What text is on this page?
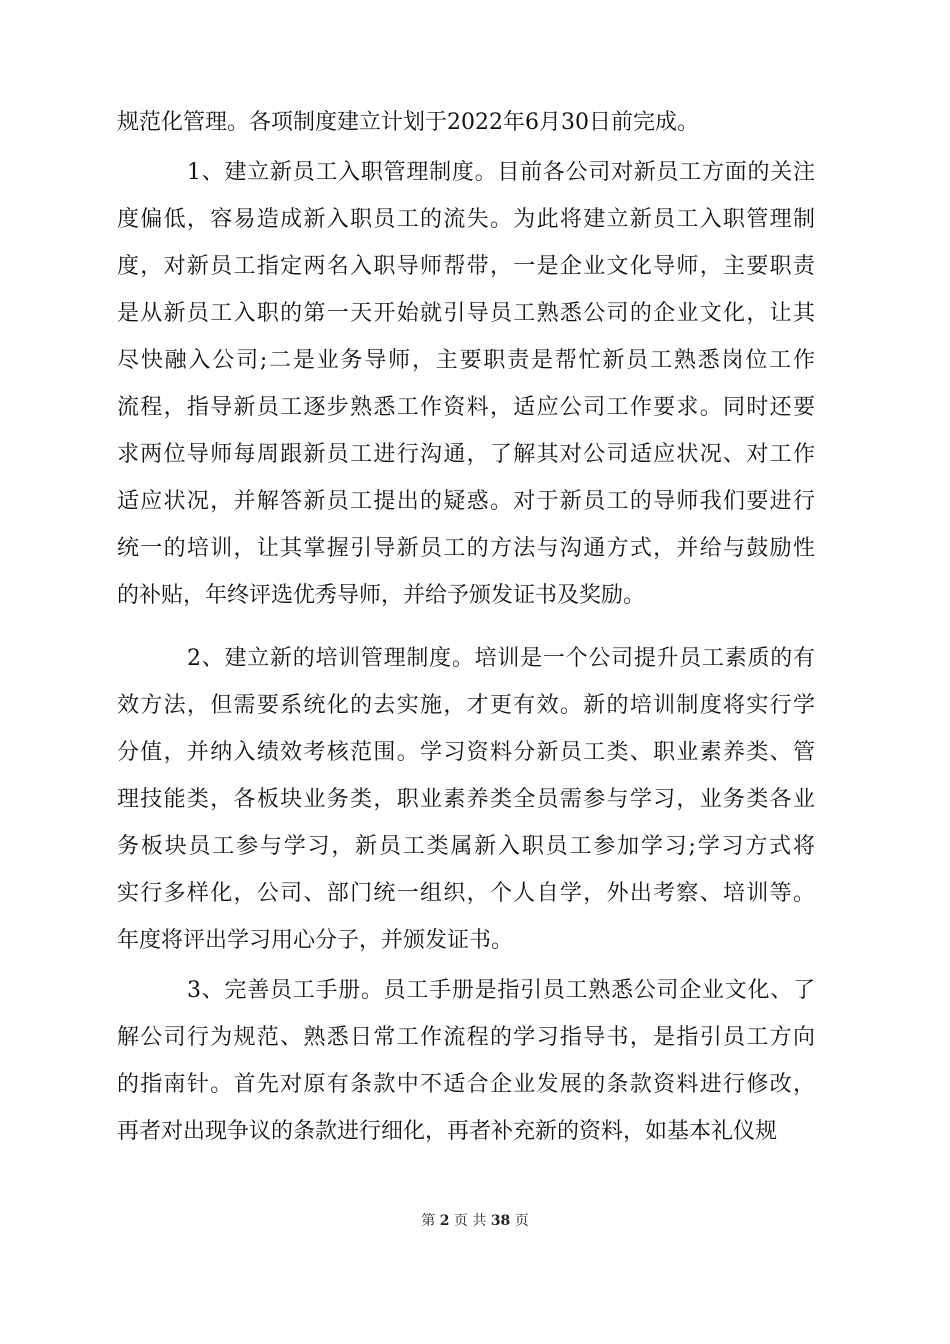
规范化管理。各项制度建立计划于2022年6月30日前完成。
1、建立新员工入职管理制度。目前各公司对新员工方面的关注
度偏低，容易造成新入职员工的流失。为此将建立新员工入职管理制
度，对新员工指定两名入职导师帮带，一是企业文化导师，主要职责
是从新员工入职的第一天开始就引导员工熟悉公司的企业文化，让其
尽快融入公司;二是业务导师，主要职责是帮忙新员工熟悉岗位工作
流程，指导新员工逐步熟悉工作资料，适应公司工作要求。同时还要
求两位导师每周跟新员工进行沟通，了解其对公司适应状况、对工作
适应状况，并解答新员工提出的疑惑。对于新员工的导师我们要进行
统一的培训，让其掌握引导新员工的方法与沟通方式，并给与鼓励性
的补贴，年终评选优秀导师，并给予颁发证书及奖励。
2、建立新的培训管理制度。培训是一个公司提升员工素质的有
效方法，但需要系统化的去实施，才更有效。新的培训制度将实行学
分值，并纳入绩效考核范围。学习资料分新员工类、职业素养类、管
理技能类，各板块业务类，职业素养类全员需参与学习，业务类各业
务板块员工参与学习，新员工类属新入职员工参加学习;学习方式将
实行多样化，公司、部门统一组织，个人自学，外出考察、培训等。
年度将评出学习用心分子，并颁发证书。
3、完善员工手册。员工手册是指引员工熟悉公司企业文化、了
解公司行为规范、熟悉日常工作流程的学习指导书，是指引员工方向
的指南针。首先对原有条款中不适合企业发展的条款资料进行修改，
再者对出现争议的条款进行细化，再者补充新的资料，如基本礼仪规
第 2 页 共 38 页
